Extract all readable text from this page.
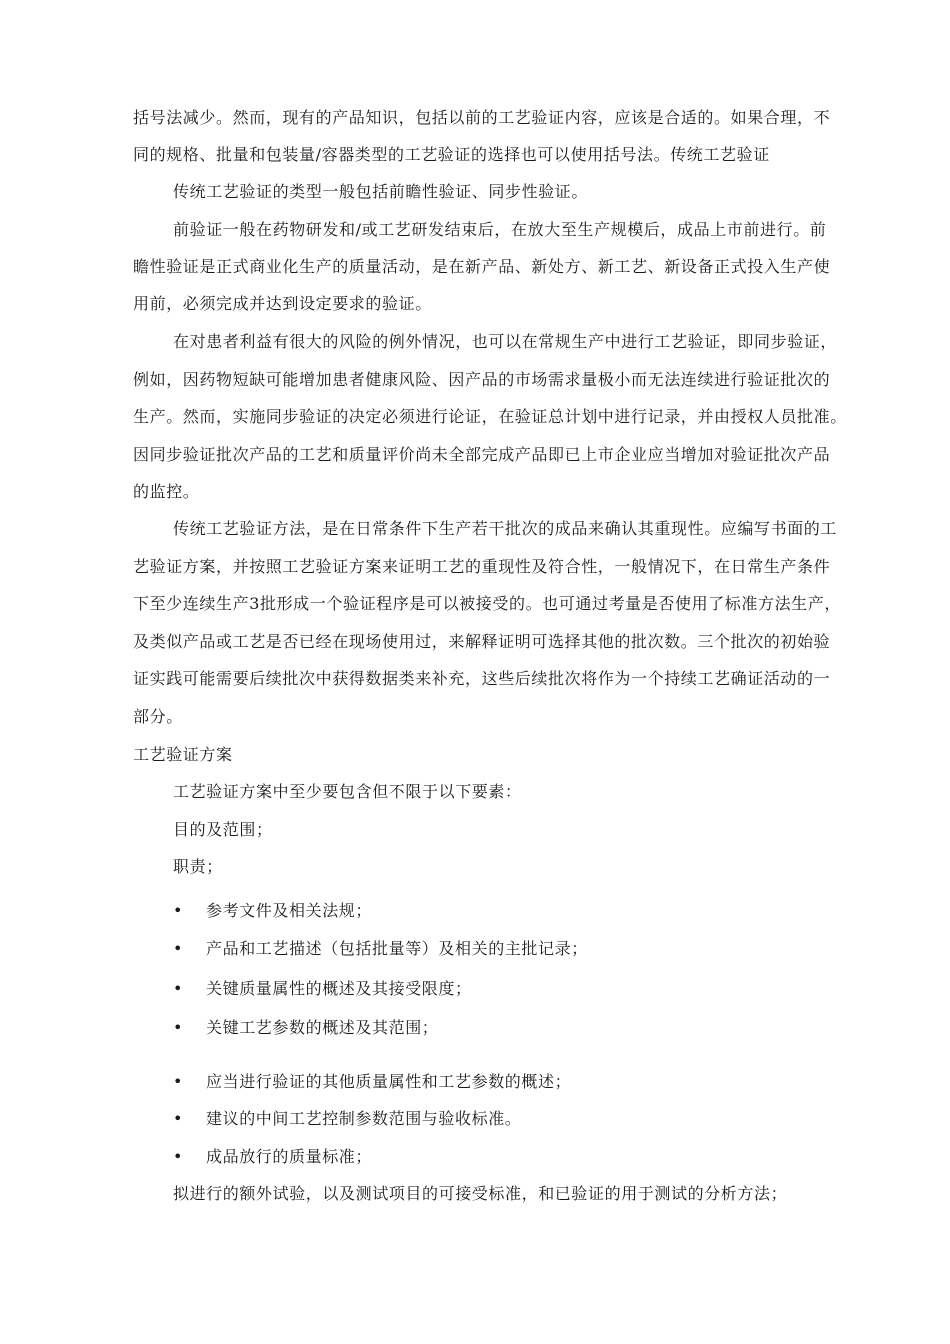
括号法减少。然而，现有的产品知识，包括以前的工艺验证内容，应该是合适的。如果合理，不
同的规格、批量和包装量/容器类型的工艺验证的选择也可以使用括号法。传统工艺验证
传统工艺验证的类型一般包括前瞻性验证、同步性验证。
前验证一般在药物研发和/或工艺研发结束后，在放大至生产规模后，成品上市前进行。前
瞻性验证是正式商业化生产的质量活动，是在新产品、新处方、新工艺、新设备正式投入生产使
用前，必须完成并达到设定要求的验证。
在对患者利益有很大的风险的例外情况，也可以在常规生产中进行工艺验证，即同步验证，
例如，因药物短缺可能增加患者健康风险、因产品的市场需求量极小而无法连续进行验证批次的
生产。然而，实施同步验证的决定必须进行论证，在验证总计划中进行记录，并由授权人员批准。
因同步验证批次产品的工艺和质量评价尚未全部完成产品即已上市企业应当增加对验证批次产品
的监控。
传统工艺验证方法，是在日常条件下生产若干批次的成品来确认其重现性。应编写书面的工
艺验证方案，并按照工艺验证方案来证明工艺的重现性及符合性，一般情况下，在日常生产条件
下至少连续生产3批形成一个验证程序是可以被接受的。也可通过考量是否使用了标准方法生产，
及类似产品或工艺是否已经在现场使用过，来解释证明可选择其他的批次数。三个批次的初始验
证实践可能需要后续批次中获得数据类来补充，这些后续批次将作为一个持续工艺确证活动的一
部分。
工艺验证方案
工艺验证方案中至少要包含但不限于以下要素：
目的及范围；
职责；
• 参考文件及相关法规；
• 产品和工艺描述（包括批量等）及相关的主批记录；
• 关键质量属性的概述及其接受限度；
• 关键工艺参数的概述及其范围；
• 应当进行验证的其他质量属性和工艺参数的概述；
• 建议的中间工艺控制参数范围与验收标准。
• 成品放行的质量标准；
拟进行的额外试验，以及测试项目的可接受标准，和已验证的用于测试的分析方法；
